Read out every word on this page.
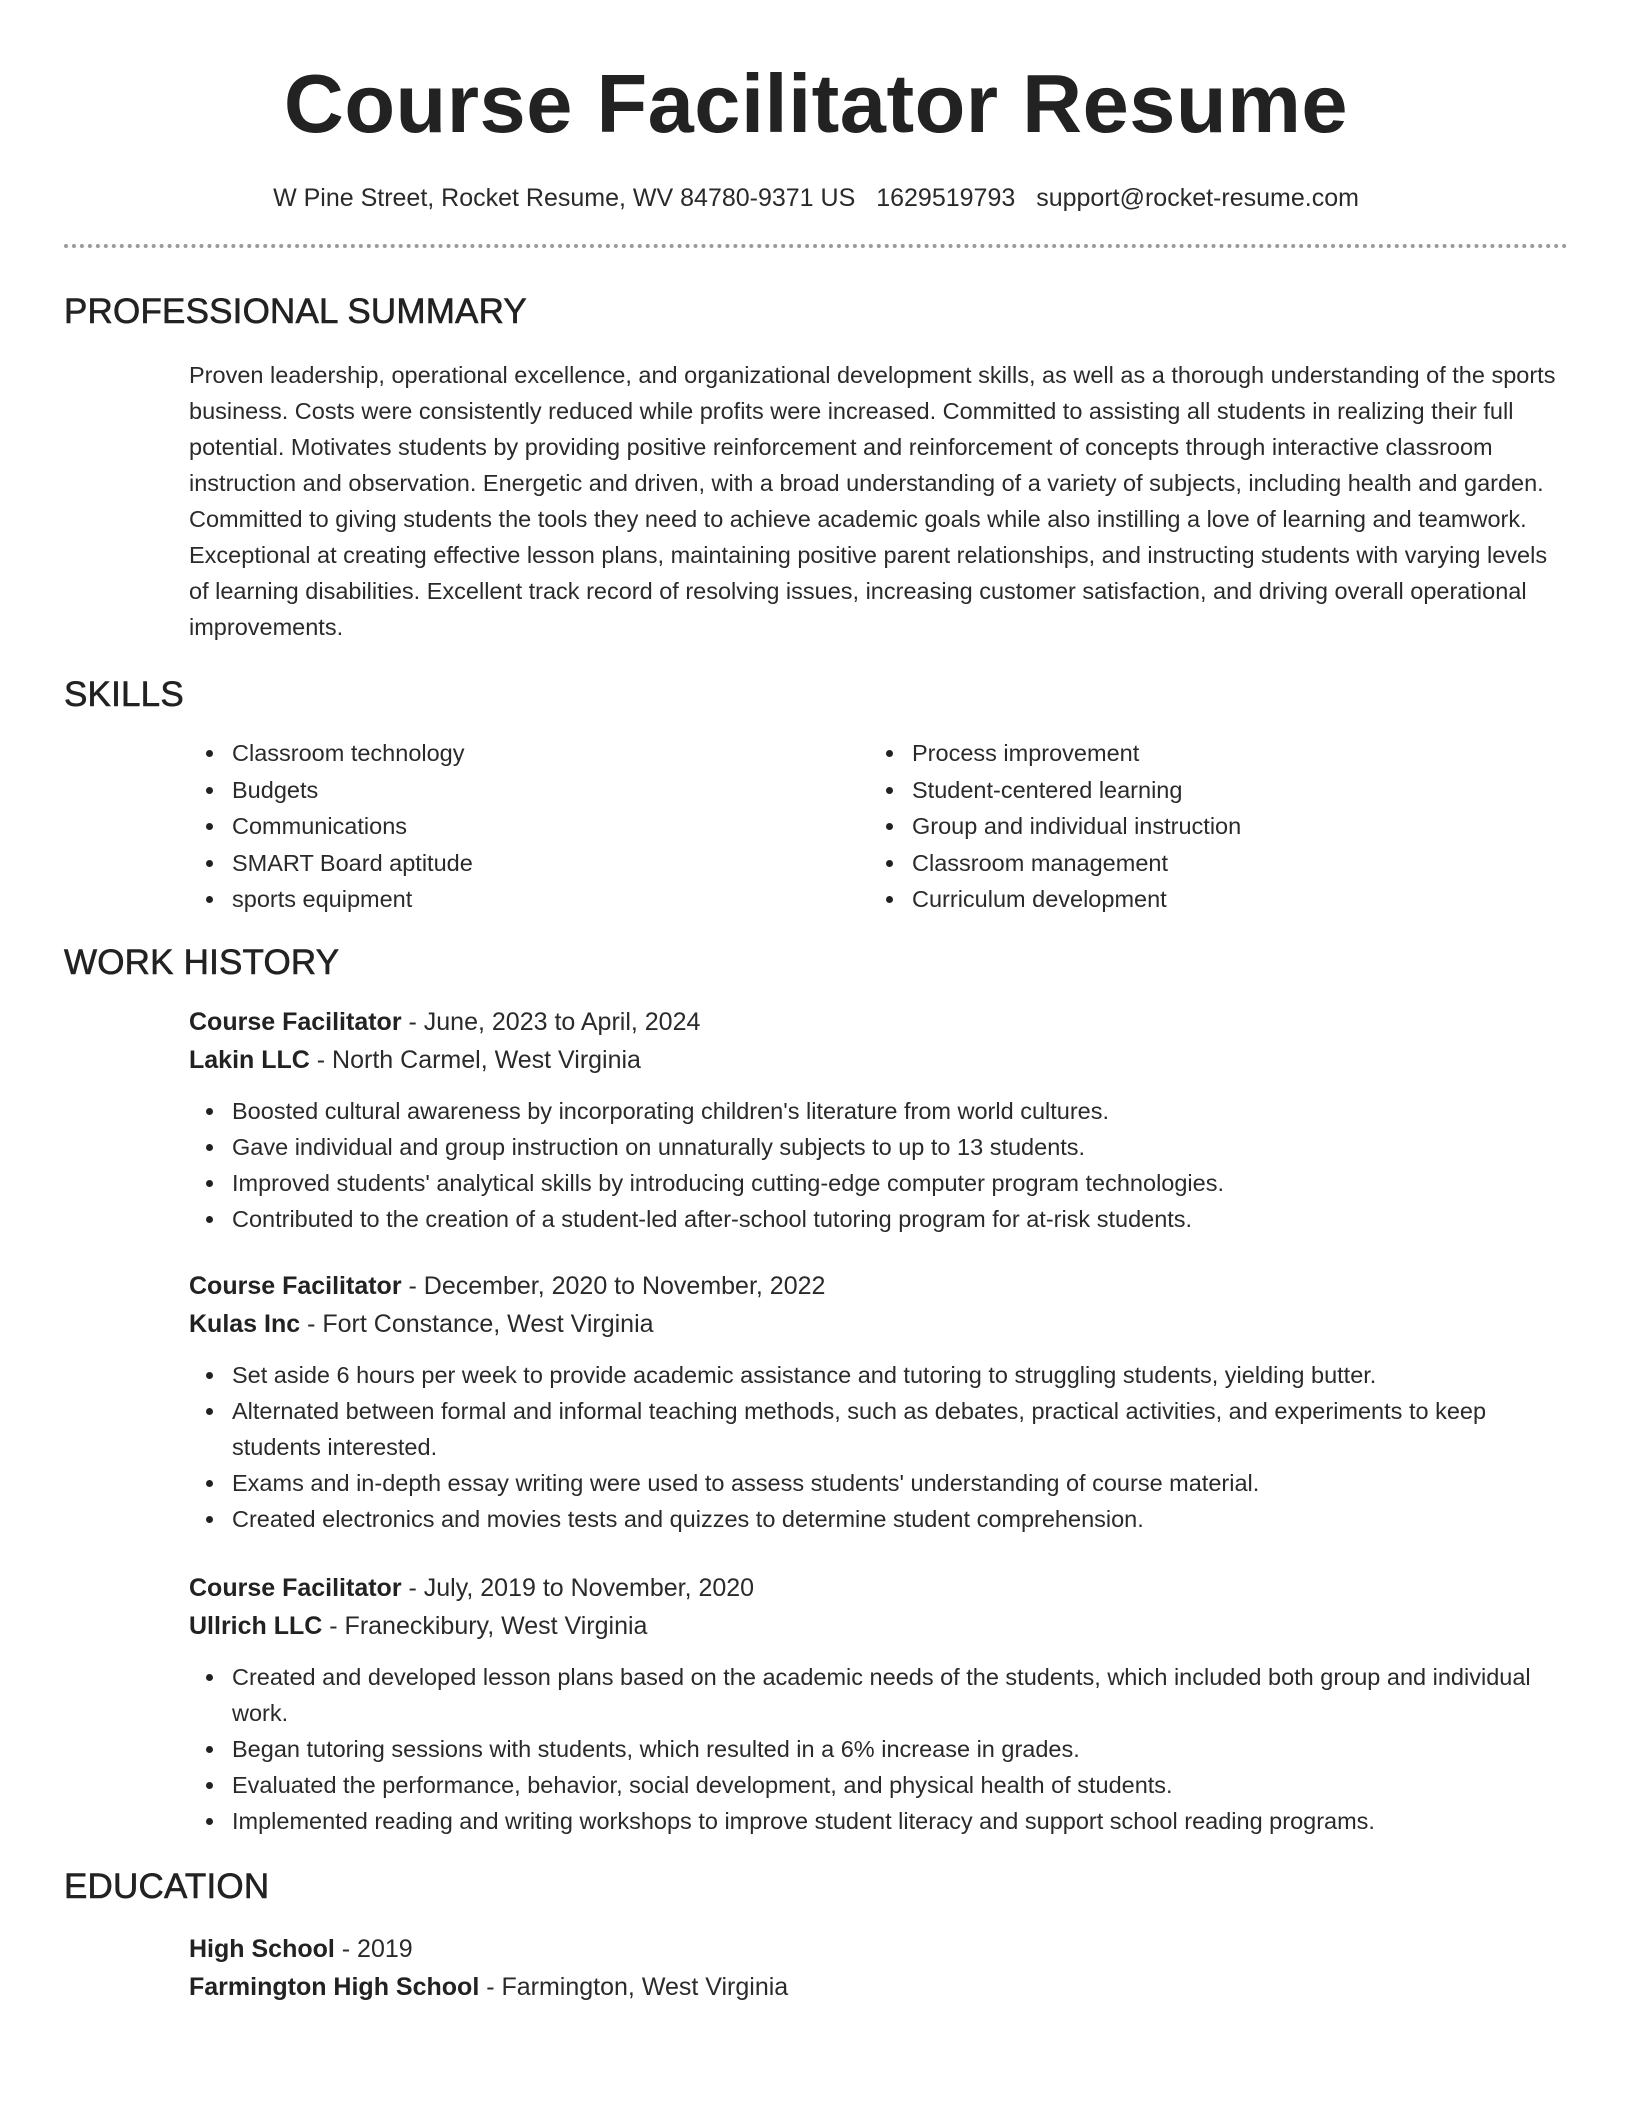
Course Facilitator Resume
W Pine Street, Rocket Resume, WV 84780-9371 US 1629519793 support@rocket-resume.com
PROFESSIONAL SUMMARY

Proven leadership, operational excellence, and organizational development skills, as well as a thorough understanding of the sports business. Costs were consistently reduced while profits were increased. Committed to assisting all students in realizing their full potential. Motivates students by providing positive reinforcement and reinforcement of concepts through interactive classroom instruction and observation. Energetic and driven, with a broad understanding of a variety of subjects, including health and garden. Committed to giving students the tools they need to achieve academic goals while also instilling a love of learning and teamwork. Exceptional at creating effective lesson plans, maintaining positive parent relationships, and instructing students with varying levels of learning disabilities. Excellent track record of resolving issues, increasing customer satisfaction, and driving overall operational improvements.

SKILLS
Classroom technology
Budgets
Communications
SMART Board aptitude
sports equipment
Process improvement
Student-centered learning
Group and individual instruction
Classroom management
Curriculum development
WORK HISTORY
Course Facilitator - June, 2023 to April, 2024
Lakin LLC - North Carmel, West Virginia
Boosted cultural awareness by incorporating children's literature from world cultures.
Gave individual and group instruction on unnaturally subjects to up to 13 students.
Improved students' analytical skills by introducing cutting-edge computer program technologies.
Contributed to the creation of a student-led after-school tutoring program for at-risk students.
Course Facilitator - December, 2020 to November, 2022
Kulas Inc - Fort Constance, West Virginia
Set aside 6 hours per week to provide academic assistance and tutoring to struggling students, yielding butter.
Alternated between formal and informal teaching methods, such as debates, practical activities, and experiments to keep students interested.
Exams and in-depth essay writing were used to assess students' understanding of course material.
Created electronics and movies tests and quizzes to determine student comprehension.
Course Facilitator - July, 2019 to November, 2020
Ullrich LLC - Franeckibury, West Virginia
Created and developed lesson plans based on the academic needs of the students, which included both group and individual work.
Began tutoring sessions with students, which resulted in a 6% increase in grades.
Evaluated the performance, behavior, social development, and physical health of students.
Implemented reading and writing workshops to improve student literacy and support school reading programs.
EDUCATION
High School - 2019
Farmington High School - Farmington, West Virginia
